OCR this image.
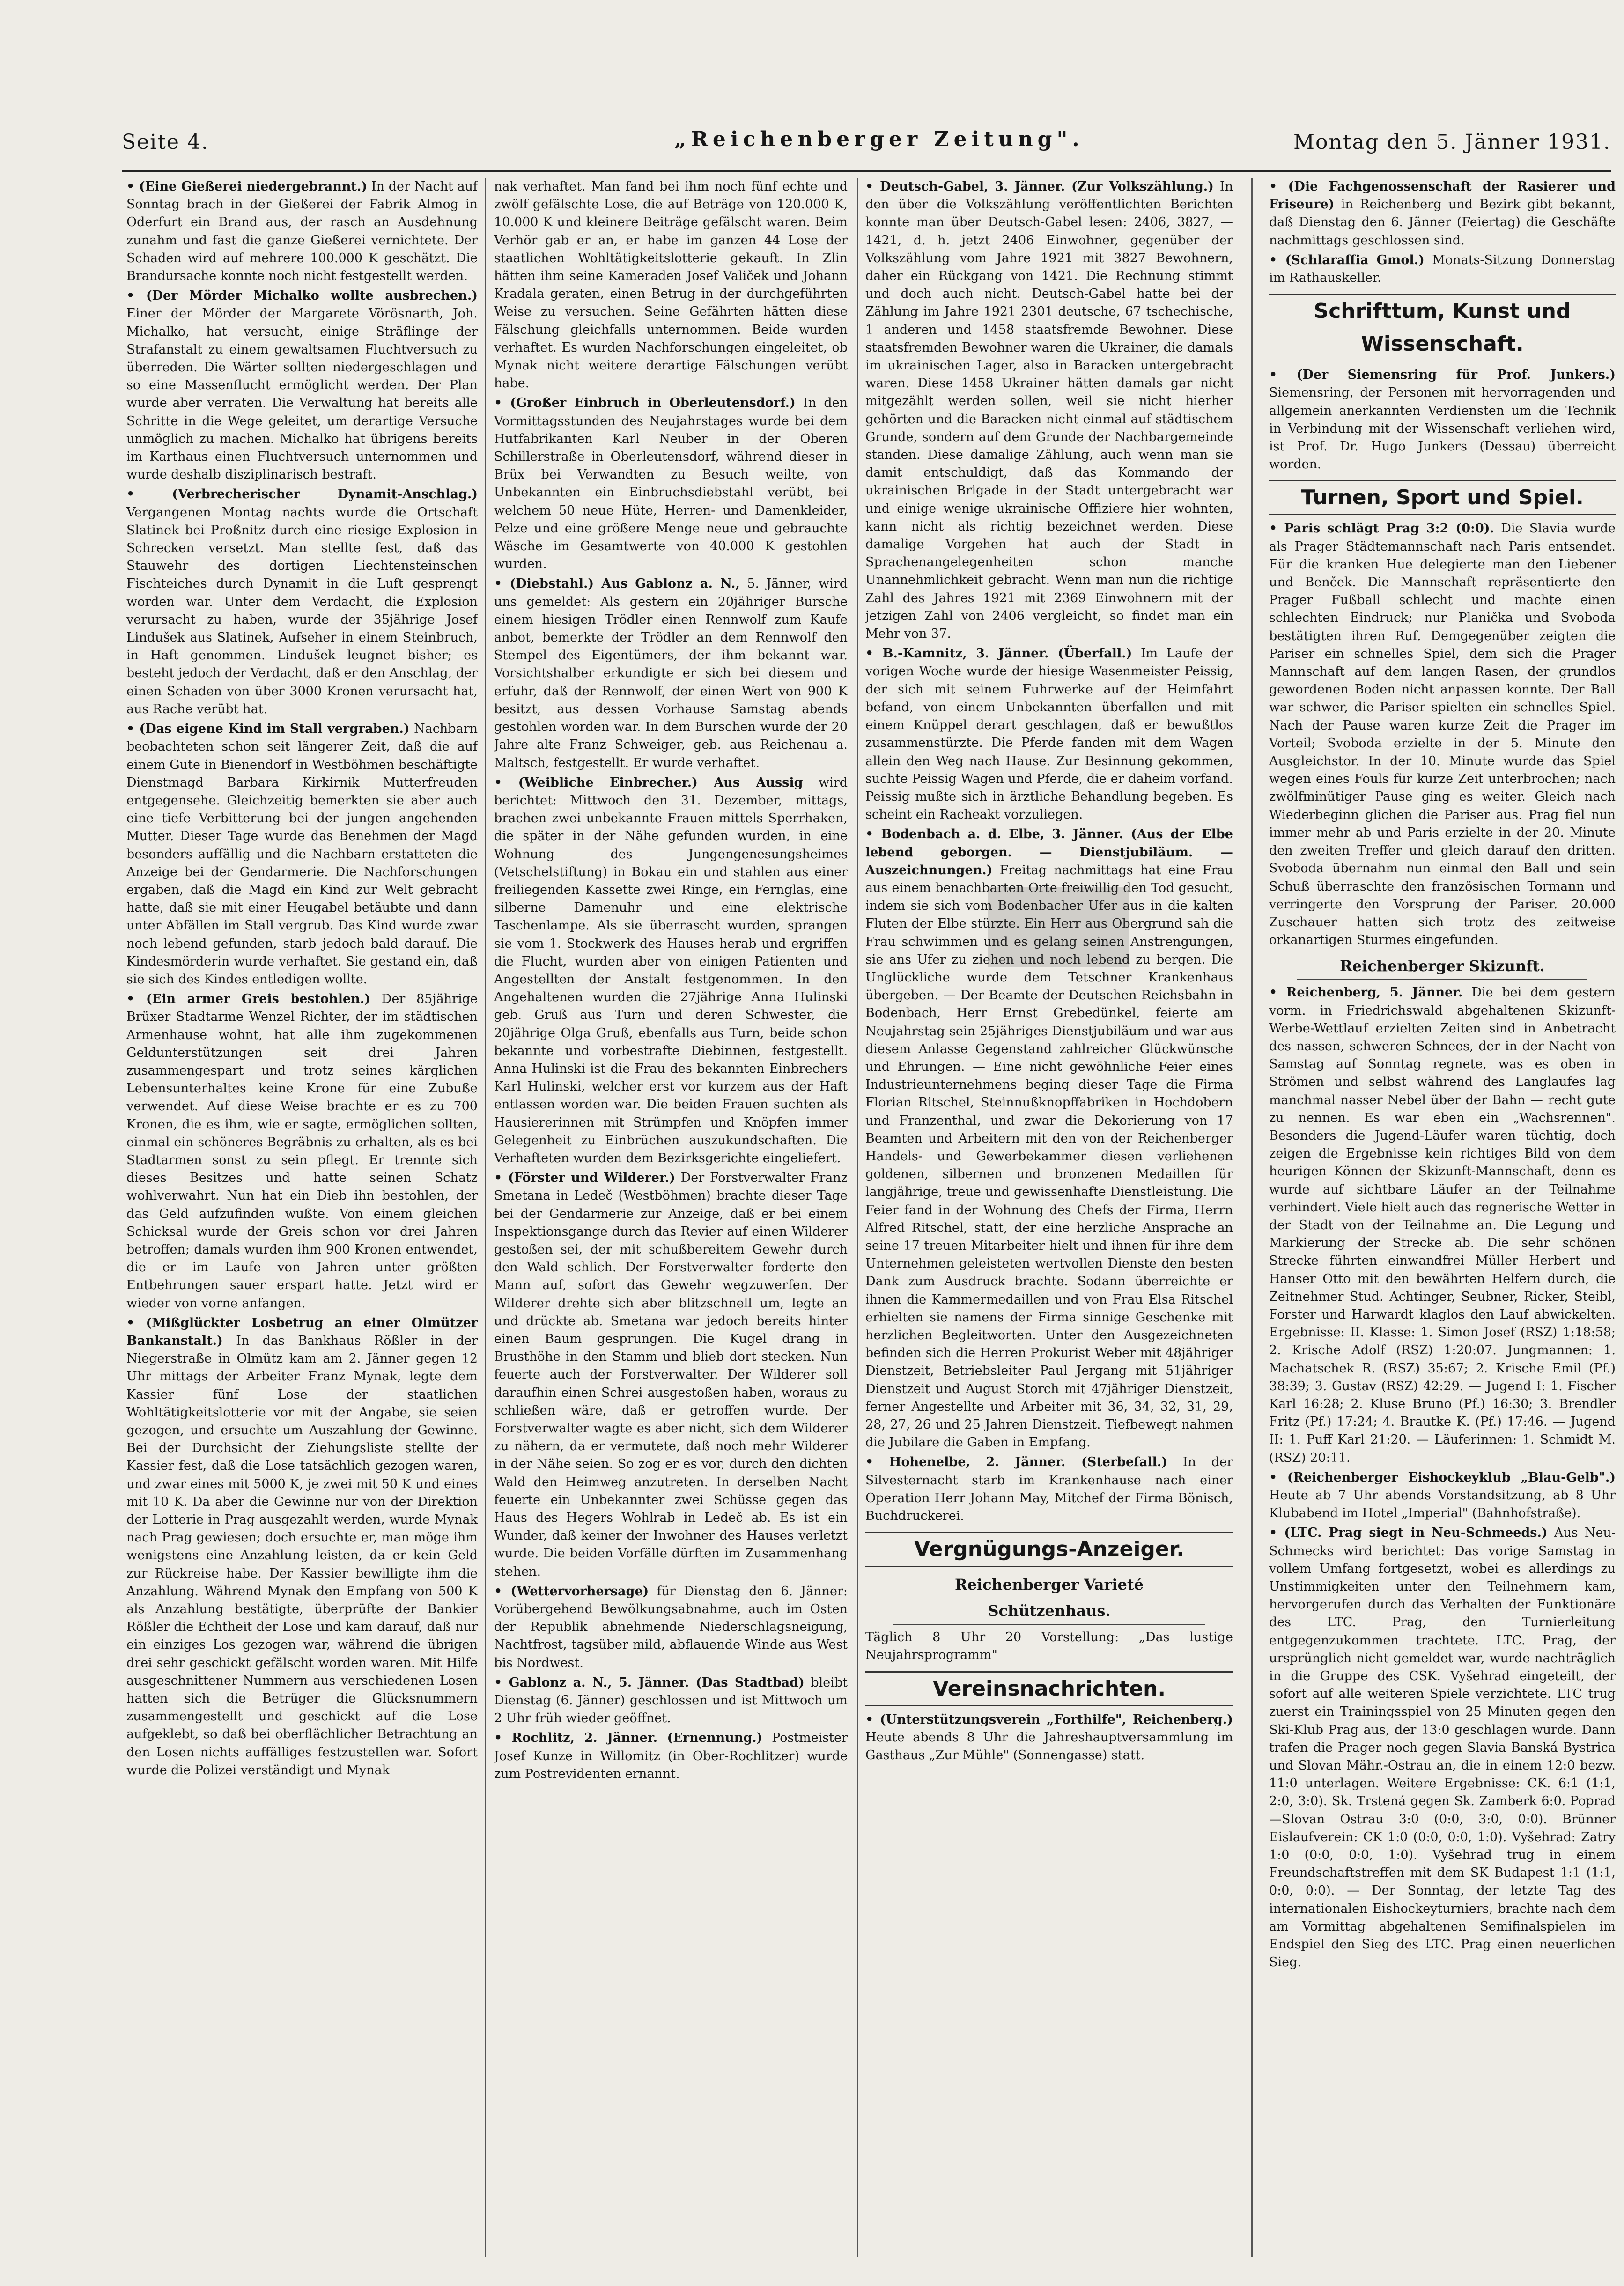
Seite 4.	„Reichenberger Zeitung".	Montag den 5. Jänner 1931.

• (Eine Gießerei niedergebrannt.) In der Nacht auf Sonntag brach in der Gießerei der Fabrik Almog in Oderfurt ein Brand aus, der rasch an Ausdehnung zunahm und fast die ganze Gießerei vernichtete. Der Schaden wird auf mehrere 100.000 K geschätzt. Die Brandursache konnte noch nicht festgestellt werden.

• (Der Mörder Michalko wollte ausbrechen.) Einer der Mörder der Margarete Vörösnarth, Joh. Michalko, hat versucht, einige Sträflinge der Strafanstalt zu einem gewaltsamen Fluchtversuch zu überreden. Die Wärter sollten niedergeschlagen und so eine Massenflucht ermöglicht werden. Der Plan wurde aber verraten. Die Verwaltung hat bereits alle Schritte in die Wege geleitet, um derartige Versuche unmöglich zu machen. Michalko hat übrigens bereits im Karthaus einen Fluchtversuch unternommen und wurde deshalb disziplinarisch bestraft.

• (Verbrecherischer Dynamit-Anschlag.) Vergangenen Montag nachts wurde die Ortschaft Slatinek bei Proßnitz durch eine riesige Explosion in Schrecken versetzt. Man stellte fest, daß das Stauwehr des dortigen Liechtensteinschen Fischteiches durch Dynamit in die Luft gesprengt worden war. Unter dem Verdacht, die Explosion verursacht zu haben, wurde der 35jährige Josef Lindušek aus Slatinek, Aufseher in einem Steinbruch, in Haft genommen. Lindušek leugnet bisher; es besteht jedoch der Verdacht, daß er den Anschlag, der einen Schaden von über 3000 Kronen verursacht hat, aus Rache verübt hat.

• (Das eigene Kind im Stall vergraben.) Nachbarn beobachteten schon seit längerer Zeit, daß die auf einem Gute in Bienendorf in Westböhmen beschäftigte Dienstmagd Barbara Kirkirnik Mutterfreuden entgegensehe. Gleichzeitig bemerkten sie aber auch eine tiefe Verbitterung bei der jungen angehenden Mutter. Dieser Tage wurde das Benehmen der Magd besonders auffällig und die Nachbarn erstatteten die Anzeige bei der Gendarmerie. Die Nachforschungen ergaben, daß die Magd ein Kind zur Welt gebracht hatte, daß sie mit einer Heugabel betäubte und dann unter Abfällen im Stall vergrub. Das Kind wurde zwar noch lebend gefunden, starb jedoch bald darauf. Die Kindesmörderin wurde verhaftet. Sie gestand ein, daß sie sich des Kindes entledigen wollte.

• (Ein armer Greis bestohlen.) Der 85jährige Brüxer Stadtarme Wenzel Richter, der im städtischen Armenhause wohnt, hat alle ihm zugekommenen Geldunterstützungen seit drei Jahren zusammengespart und trotz seines kärglichen Lebensunterhaltes keine Krone für eine Zubuße verwendet. Auf diese Weise brachte er es zu 700 Kronen, die es ihm, wie er sagte, ermöglichen sollten, einmal ein schöneres Begräbnis zu erhalten, als es bei Stadtarmen sonst zu sein pflegt. Er trennte sich dieses Besitzes und hatte seinen Schatz wohlverwahrt. Nun hat ein Dieb ihn bestohlen, der das Geld aufzufinden wußte. Von einem gleichen Schicksal wurde der Greis schon vor drei Jahren betroffen; damals wurden ihm 900 Kronen entwendet, die er im Laufe von Jahren unter größten Entbehrungen sauer erspart hatte. Jetzt wird er wieder von vorne anfangen.

• (Mißglückter Losbetrug an einer Olmützer Bankanstalt.) In das Bankhaus Rößler in der Niegerstraße in Olmütz kam am 2. Jänner gegen 12 Uhr mittags der Arbeiter Franz Mynak, legte dem Kassier fünf Lose der staatlichen Wohltätigkeitslotterie vor mit der Angabe, sie seien gezogen, und ersuchte um Auszahlung der Gewinne. Bei der Durchsicht der Ziehungsliste stellte der Kassier fest, daß die Lose tatsächlich gezogen waren, und zwar eines mit 5000 K, je zwei mit 50 K und eines mit 10 K. Da aber die Gewinne nur von der Direktion der Lotterie in Prag ausgezahlt werden, wurde Mynak nach Prag gewiesen; doch ersuchte er, man möge ihm wenigstens eine Anzahlung leisten, da er kein Geld zur Rückreise habe. Der Kassier bewilligte ihm die Anzahlung. Während Mynak den Empfang von 500 K als Anzahlung bestätigte, überprüfte der Bankier Rößler die Echtheit der Lose und kam darauf, daß nur ein einziges Los gezogen war, während die übrigen drei sehr geschickt gefälscht worden waren. Mit Hilfe ausgeschnittener Nummern aus verschiedenen Losen hatten sich die Betrüger die Glücksnummern zusammengestellt und geschickt auf die Lose aufgeklebt, so daß bei oberflächlicher Betrachtung an den Losen nichts auffälliges festzustellen war. Sofort wurde die Polizei verständigt und Mynak

nak verhaftet. Man fand bei ihm noch fünf echte und zwölf gefälschte Lose, die auf Beträge von 120.000 K, 10.000 K und kleinere Beiträge gefälscht waren. Beim Verhör gab er an, er habe im ganzen 44 Lose der staatlichen Wohltätigkeitslotterie gekauft. In Zlin hätten ihm seine Kameraden Josef Valiček und Johann Kradala geraten, einen Betrug in der durchgeführten Weise zu versuchen. Seine Gefährten hätten diese Fälschung gleichfalls unternommen. Beide wurden verhaftet. Es wurden Nachforschungen eingeleitet, ob Mynak nicht weitere derartige Fälschungen verübt habe.

• (Großer Einbruch in Oberleutensdorf.) In den Vormittagsstunden des Neujahrstages wurde bei dem Hutfabrikanten Karl Neuber in der Oberen Schillerstraße in Oberleutensdorf, während dieser in Brüx bei Verwandten zu Besuch weilte, von Unbekannten ein Einbruchsdiebstahl verübt, bei welchem 50 neue Hüte, Herren- und Damenkleider, Pelze und eine größere Menge neue und gebrauchte Wäsche im Gesamtwerte von 40.000 K gestohlen wurden.

• (Diebstahl.) Aus Gablonz a. N., 5. Jänner, wird uns gemeldet: Als gestern ein 20jähriger Bursche einem hiesigen Trödler einen Rennwolf zum Kaufe anbot, bemerkte der Trödler an dem Rennwolf den Stempel des Eigentümers, der ihm bekannt war. Vorsichtshalber erkundigte er sich bei diesem und erfuhr, daß der Rennwolf, der einen Wert von 900 K besitzt, aus dessen Vorhause Samstag abends gestohlen worden war. In dem Burschen wurde der 20 Jahre alte Franz Schweiger, geb. aus Reichenau a. Maltsch, festgestellt. Er wurde verhaftet.

• (Weibliche Einbrecher.) Aus Aussig wird berichtet: Mittwoch den 31. Dezember, mittags, brachen zwei unbekannte Frauen mittels Sperrhaken, die später in der Nähe gefunden wurden, in eine Wohnung des Jungengenesungsheimes (Vetschelstiftung) in Bokau ein und stahlen aus einer freiliegenden Kassette zwei Ringe, ein Fernglas, eine silberne Damenuhr und eine elektrische Taschenlampe. Als sie überrascht wurden, sprangen sie vom 1. Stockwerk des Hauses herab und ergriffen die Flucht, wurden aber von einigen Patienten und Angestellten der Anstalt festgenommen. In den Angehaltenen wurden die 27jährige Anna Hulinski geb. Gruß aus Turn und deren Schwester, die 20jährige Olga Gruß, ebenfalls aus Turn, beide schon bekannte und vorbestrafte Diebinnen, festgestellt. Anna Hulinski ist die Frau des bekannten Einbrechers Karl Hulinski, welcher erst vor kurzem aus der Haft entlassen worden war. Die beiden Frauen suchten als Hausiererinnen mit Strümpfen und Knöpfen immer Gelegenheit zu Einbrüchen auszukundschaften. Die Verhafteten wurden dem Bezirksgerichte eingeliefert.

• (Förster und Wilderer.) Der Forstverwalter Franz Smetana in Ledeč (Westböhmen) brachte dieser Tage bei der Gendarmerie zur Anzeige, daß er bei einem Inspektionsgange durch das Revier auf einen Wilderer gestoßen sei, der mit schußbereitem Gewehr durch den Wald schlich. Der Forstverwalter forderte den Mann auf, sofort das Gewehr wegzuwerfen. Der Wilderer drehte sich aber blitzschnell um, legte an und drückte ab. Smetana war jedoch bereits hinter einen Baum gesprungen. Die Kugel drang in Brusthöhe in den Stamm und blieb dort stecken. Nun feuerte auch der Forstverwalter. Der Wilderer soll daraufhin einen Schrei ausgestoßen haben, woraus zu schließen wäre, daß er getroffen wurde. Der Forstverwalter wagte es aber nicht, sich dem Wilderer zu nähern, da er vermutete, daß noch mehr Wilderer in der Nähe seien. So zog er es vor, durch den dichten Wald den Heimweg anzutreten. In derselben Nacht feuerte ein Unbekannter zwei Schüsse gegen das Haus des Hegers Wohlrab in Ledeč ab. Es ist ein Wunder, daß keiner der Inwohner des Hauses verletzt wurde. Die beiden Vorfälle dürften im Zusammenhang stehen.

• (Wettervorhersage) für Dienstag den 6. Jänner: Vorübergehend Bewölkungsabnahme, auch im Osten der Republik abnehmende Niederschlagsneigung, Nachtfrost, tagsüber mild, abflauende Winde aus West bis Nordwest.

• Gablonz a. N., 5. Jänner. (Das Stadtbad) bleibt Dienstag (6. Jänner) geschlossen und ist Mittwoch um 2 Uhr früh wieder geöffnet.

• Rochlitz, 2. Jänner. (Ernennung.) Postmeister Josef Kunze in Willomitz (in Ober-Rochlitzer) wurde zum Postrevidenten ernannt.

• Deutsch-Gabel, 3. Jänner. (Zur Volkszählung.) In den über die Volkszählung veröffentlichten Berichten konnte man über Deutsch-Gabel lesen: 2406, 3827, —1421, d. h. jetzt 2406 Einwohner, gegenüber der Volkszählung vom Jahre 1921 mit 3827 Bewohnern, daher ein Rückgang von 1421. Die Rechnung stimmt und doch auch nicht. Deutsch-Gabel hatte bei der Zählung im Jahre 1921 2301 deutsche, 67 tschechische, 1 anderen und 1458 staatsfremde Bewohner. Diese staatsfremden Bewohner waren die Ukrainer, die damals im ukrainischen Lager, also in Baracken untergebracht waren. Diese 1458 Ukrainer hätten damals gar nicht mitgezählt werden sollen, weil sie nicht hierher gehörten und die Baracken nicht einmal auf städtischem Grunde, sondern auf dem Grunde der Nachbargemeinde standen. Diese damalige Zählung, auch wenn man sie damit entschuldigt, daß das Kommando der ukrainischen Brigade in der Stadt untergebracht war und einige wenige ukrainische Offiziere hier wohnten, kann nicht als richtig bezeichnet werden. Diese damalige Vorgehen hat auch der Stadt in Sprachenangelegenheiten schon manche Unannehmlichkeit gebracht. Wenn man nun die richtige Zahl des Jahres 1921 mit 2369 Einwohnern mit der jetzigen Zahl von 2406 vergleicht, so findet man ein Mehr von 37.

• B.-Kamnitz, 3. Jänner. (Überfall.) Im Laufe der vorigen Woche wurde der hiesige Wasenmeister Peissig, der sich mit seinem Fuhrwerke auf der Heimfahrt befand, von einem Unbekannten überfallen und mit einem Knüppel derart geschlagen, daß er bewußtlos zusammenstürzte. Die Pferde fanden mit dem Wagen allein den Weg nach Hause. Zur Besinnung gekommen, suchte Peissig Wagen und Pferde, die er daheim vorfand. Peissig mußte sich in ärztliche Behandlung begeben. Es scheint ein Racheakt vorzuliegen.

• Bodenbach a. d. Elbe, 3. Jänner. (Aus der Elbe lebend geborgen. — Dienstjubiläum. — Auszeichnungen.) Freitag nachmittags hat eine Frau aus einem benachbarten Orte freiwillig den Tod gesucht, indem sie sich vom Bodenbacher Ufer aus in die kalten Fluten der Elbe stürzte. Ein Herr aus Obergrund sah die Frau schwimmen und es gelang seinen Anstrengungen, sie ans Ufer zu ziehen und noch lebend zu bergen. Die Unglückliche wurde dem Tetschner Krankenhaus übergeben. — Der Beamte der Deutschen Reichsbahn in Bodenbach, Herr Ernst Grebedünkel, feierte am Neujahrstag sein 25jähriges Dienstjubiläum und war aus diesem Anlasse Gegenstand zahlreicher Glückwünsche und Ehrungen. — Eine nicht gewöhnliche Feier eines Industrieunternehmens beging dieser Tage die Firma Florian Ritschel, Steinnußknopffabriken in Hochdobern und Franzenthal, und zwar die Dekorierung von 17 Beamten und Arbeitern mit den von der Reichenberger Handels- und Gewerbekammer diesen verliehenen goldenen, silbernen und bronzenen Medaillen für langjährige, treue und gewissenhafte Dienstleistung. Die Feier fand in der Wohnung des Chefs der Firma, Herrn Alfred Ritschel, statt, der eine herzliche Ansprache an seine 17 treuen Mitarbeiter hielt und ihnen für ihre dem Unternehmen geleisteten wertvollen Dienste den besten Dank zum Ausdruck brachte. Sodann überreichte er ihnen die Kammermedaillen und von Frau Elsa Ritschel erhielten sie namens der Firma sinnige Geschenke mit herzlichen Begleitworten. Unter den Ausgezeichneten befinden sich die Herren Prokurist Weber mit 48jähriger Dienstzeit, Betriebsleiter Paul Jergang mit 51jähriger Dienstzeit und August Storch mit 47jähriger Dienstzeit, ferner Angestellte und Arbeiter mit 36, 34, 32, 31, 29, 28, 27, 26 und 25 Jahren Dienstzeit. Tiefbewegt nahmen die Jubilare die Gaben in Empfang.

• Hohenelbe, 2. Jänner. (Sterbefall.) In der Silvesternacht starb im Krankenhause nach einer Operation Herr Johann May, Mitchef der Firma Bönisch, Buchdruckerei.

Vergnügungs-Anzeiger.
Reichenberger Varieté Schützenhaus.

Täglich 8 Uhr 20 Vorstellung: „Das lustige Neujahrsprogramm"

Vereinsnachrichten.

• (Unterstützungsverein „Forthilfe", Reichenberg.) Heute abends 8 Uhr die Jahreshauptversammlung im Gasthaus „Zur Mühle" (Sonnengasse) statt.

• (Die Fachgenossenschaft der Rasierer und Friseure) in Reichenberg und Bezirk gibt bekannt, daß Dienstag den 6. Jänner (Feiertag) die Geschäfte nachmittags geschlossen sind.

• (Schlaraffia Gmol.) Monats-Sitzung Donnerstag im Rathauskeller.

Schrifttum, Kunst und Wissenschaft.

• (Der Siemensring für Prof. Junkers.) Siemensring, der Personen mit hervorragenden und allgemein anerkannten Verdiensten um die Technik in Verbindung mit der Wissenschaft verliehen wird, ist Prof. Dr. Hugo Junkers (Dessau) überreicht worden.

Turnen, Sport und Spiel.

• Paris schlägt Prag 3:2 (0:0). Die Slavia wurde als Prager Städtemannschaft nach Paris entsendet. Für die kranken Hue delegierte man den Liebener und Benček. Die Mannschaft repräsentierte den Prager Fußball schlecht und machte einen schlechten Eindruck; nur Planička und Svoboda bestätigten ihren Ruf. Demgegenüber zeigten die Pariser ein schnelles Spiel, dem sich die Prager Mannschaft auf dem langen Rasen, der grundlos gewordenen Boden nicht anpassen konnte. Der Ball war schwer, die Pariser spielten ein schnelles Spiel. Nach der Pause waren kurze Zeit die Prager im Vorteil; Svoboda erzielte in der 5. Minute den Ausgleichstor. In der 10. Minute wurde das Spiel wegen eines Fouls für kurze Zeit unterbrochen; nach zwölfminütiger Pause ging es weiter. Gleich nach Wiederbeginn glichen die Pariser aus. Prag fiel nun immer mehr ab und Paris erzielte in der 20. Minute den zweiten Treffer und gleich darauf den dritten. Svoboda übernahm nun einmal den Ball und sein Schuß überraschte den französischen Tormann und verringerte den Vorsprung der Pariser. 20.000 Zuschauer hatten sich trotz des zeitweise orkanartigen Sturmes eingefunden.

Reichenberger Skizunft.

• Reichenberg, 5. Jänner. Die bei dem gestern vorm. in Friedrichswald abgehaltenen Skizunft-Werbe-Wettlauf erzielten Zeiten sind in Anbetracht des nassen, schweren Schnees, der in der Nacht von Samstag auf Sonntag regnete, was es oben in Strömen und selbst während des Langlaufes lag manchmal nasser Nebel über der Bahn — recht gute zu nennen. Es war eben ein „Wachsrennen". Besonders die Jugend-Läufer waren tüchtig, doch zeigen die Ergebnisse kein richtiges Bild von dem heurigen Können der Skizunft-Mannschaft, denn es wurde auf sichtbare Läufer an der Teilnahme verhindert. Viele hielt auch das regnerische Wetter in der Stadt von der Teilnahme an. Die Legung und Markierung der Strecke ab. Die sehr schönen Strecke führten einwandfrei Müller Herbert und Hanser Otto mit den bewährten Helfern durch, die Zeitnehmer Stud. Achtinger, Seubner, Ricker, Steibl, Forster und Harwardt klaglos den Lauf abwickelten. Ergebnisse: II. Klasse: 1. Simon Josef (RSZ) 1:18:58; 2. Krische Adolf (RSZ) 1:20:07. Jungmannen: 1. Machatschek R. (RSZ) 35:67; 2. Krische Emil (Pf.) 38:39; 3. Gustav (RSZ) 42:29. — Jugend I: 1. Fischer Karl 16:28; 2. Kluse Bruno (Pf.) 16:30; 3. Brendler Fritz (Pf.) 17:24; 4. Brautke K. (Pf.) 17:46. — Jugend II: 1. Puff Karl 21:20. — Läuferinnen: 1. Schmidt M. (RSZ) 20:11.

• (Reichenberger Eishockeyklub „Blau-Gelb".) Heute ab 7 Uhr abends Vorstandsitzung, ab 8 Uhr Klubabend im Hotel „Imperial" (Bahnhofstraße).

• (LTC. Prag siegt in Neu-Schmeeds.) Aus Neu-Schmecks wird berichtet: Das vorige Samstag in vollem Umfang fortgesetzt, wobei es allerdings zu Unstimmigkeiten unter den Teilnehmern kam, hervorgerufen durch das Verhalten der Funktionäre des LTC. Prag, den Turnierleitung entgegenzukommen trachtete. LTC. Prag, der ursprünglich nicht gemeldet war, wurde nachträglich in die Gruppe des CSK. Vyšehrad eingeteilt, der sofort auf alle weiteren Spiele verzichtete. LTC trug zuerst ein Trainingsspiel von 25 Minuten gegen den Ski-Klub Prag aus, der 13:0 geschlagen wurde. Dann trafen die Prager noch gegen Slavia Banská Bystrica und Slovan Mähr.-Ostrau an, die in einem 12:0 bezw. 11:0 unterlagen. Weitere Ergebnisse: CK. 6:1 (1:1, 2:0, 3:0). Sk. Trstená gegen Sk. Zamberk 6:0. Poprad—Slovan Ostrau 3:0 (0:0, 3:0, 0:0). Brünner Eislaufverein: CK 1:0 (0:0, 0:0, 1:0). Vyšehrad: Zatry 1:0 (0:0, 0:0, 1:0). Vyšehrad trug in einem Freundschaftstreffen mit dem SK Budapest 1:1 (1:1, 0:0, 0:0). — Der Sonntag, der letzte Tag des internationalen Eishockeyturniers, brachte nach dem am Vormittag abgehaltenen Semifinalspielen im Endspiel den Sieg des LTC. Prag einen neuerlichen Sieg.
